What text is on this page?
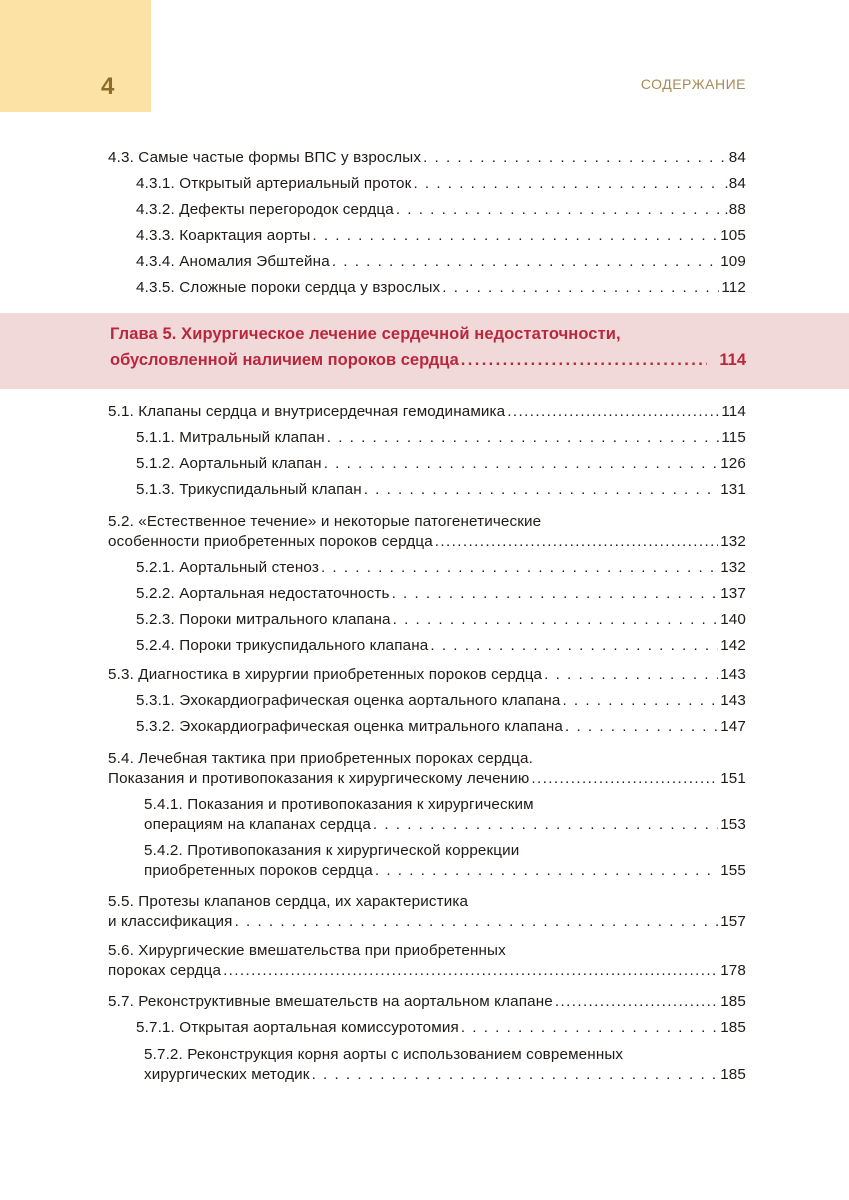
4	СОДЕРЖАНИЕ
4.3. Самые частые формы ВПС у взрослых . . .	84
4.3.1. Открытый артериальный проток . . .	.84
4.3.2. Дефекты перегородок сердца . . .	.88
4.3.3. Коарктация аорты . . .	105
4.3.4. Аномалия Эбштейна . . .	109
4.3.5. Сложные пороки сердца у взрослых . . .	112
Глава 5. Хирургическое лечение сердечной недостаточности,
обусловленной наличием пороков сердца .....	114
5.1. Клапаны сердца и внутрисердечная гемодинамика .....	114
5.1.1. Митральный клапан . . .	115
5.1.2. Аортальный клапан . . .	126
5.1.3. Трикуспидальный клапан . . .	131
5.2. «Естественное течение» и некоторые патогенетические
особенности приобретенных пороков сердца .....	132
5.2.1. Аортальный стеноз . . .	132
5.2.2. Аортальная недостаточность . . .	137
5.2.3. Пороки митрального клапана . . .	140
5.2.4. Пороки трикуспидального клапана . . .	142
5.3. Диагностика в хирургии приобретенных пороков сердца . . .	143
5.3.1. Эхокардиографическая оценка аортального клапана . . .	143
5.3.2. Эхокардиографическая оценка митрального клапана . . .	147
5.4. Лечебная тактика при приобретенных пороках сердца.
Показания и противопоказания к хирургическому лечению .....	151
5.4.1. Показания и противопоказания к хирургическим
операциям на клапанах сердца . . .	153
5.4.2. Противопоказания к хирургической коррекции
приобретенных пороков сердца . . .	155
5.5. Протезы клапанов сердца, их характеристика
и классификация . . .	157
5.6. Хирургические вмешательства при приобретенных
пороках сердца .....	178
5.7. Реконструктивные вмешательств на аортальном клапане .....	185
5.7.1. Открытая аортальная комиссуротомия . . .	185
5.7.2. Реконструкция корня аорты с использованием современных
хирургических методик . . .	185
